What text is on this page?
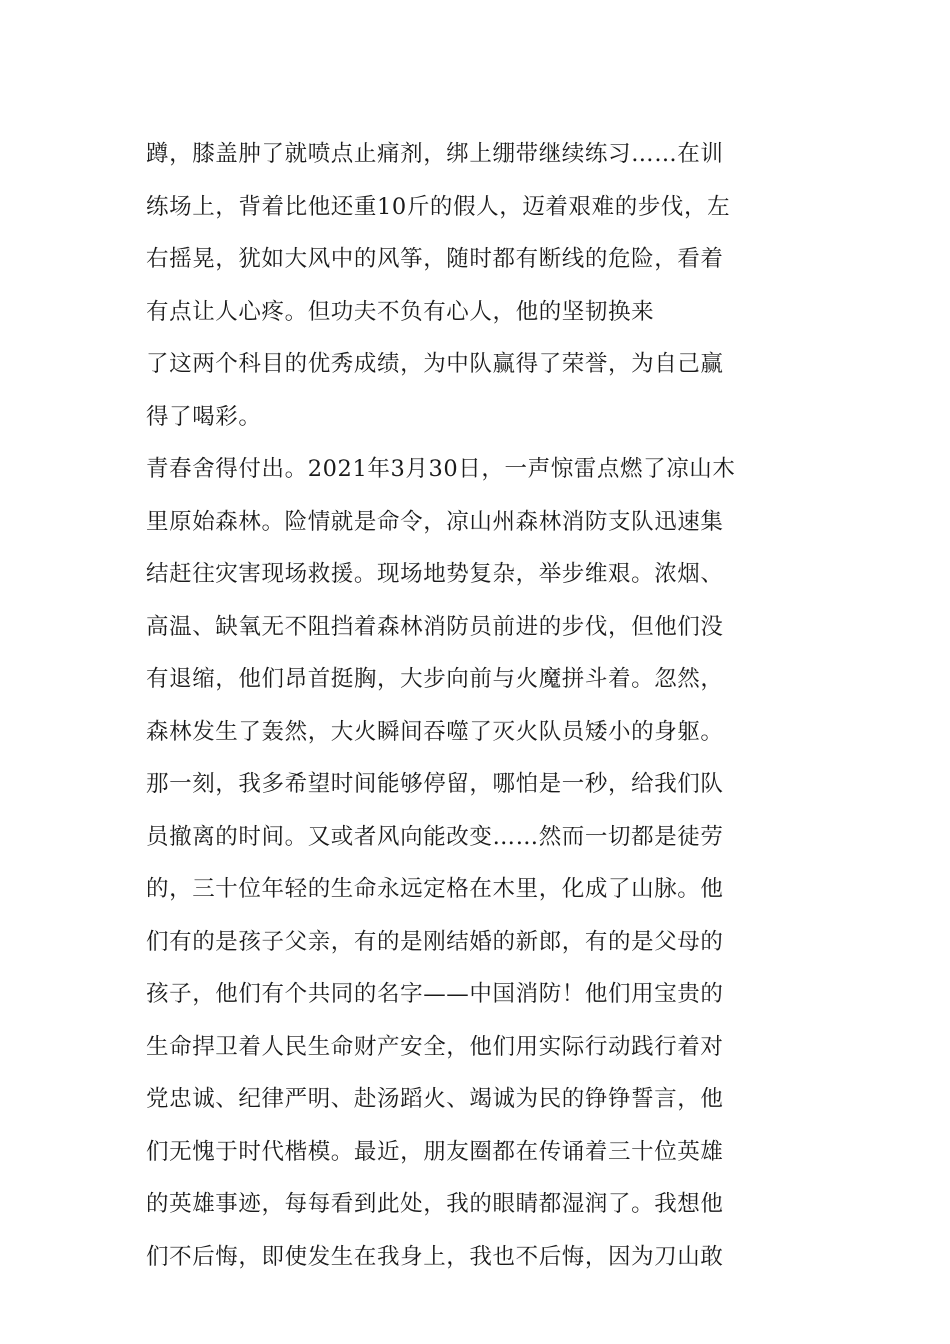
蹲，膝盖肿了就喷点止痛剂，绑上绷带继续练习……在训
练场上，背着比他还重10斤的假人，迈着艰难的步伐，左
右摇晃，犹如大风中的风筝，随时都有断线的危险，看着
有点让人心疼。但功夫不负有心人，他的坚韧换来
了这两个科目的优秀成绩，为中队赢得了荣誉，为自己赢
得了喝彩。
青春舍得付出。2021年3月30日，一声惊雷点燃了凉山木
里原始森林。险情就是命令，凉山州森林消防支队迅速集
结赶往灾害现场救援。现场地势复杂，举步维艰。浓烟、
高温、缺氧无不阻挡着森林消防员前进的步伐，但他们没
有退缩，他们昂首挺胸，大步向前与火魔拼斗着。忽然，
森林发生了轰然，大火瞬间吞噬了灭火队员矮小的身躯。
那一刻，我多希望时间能够停留，哪怕是一秒，给我们队
员撤离的时间。又或者风向能改变……然而一切都是徒劳
的，三十位年轻的生命永远定格在木里，化成了山脉。他
们有的是孩子父亲，有的是刚结婚的新郎，有的是父母的
孩子，他们有个共同的名字——中国消防！他们用宝贵的
生命捍卫着人民生命财产安全，他们用实际行动践行着对
党忠诚、纪律严明、赴汤蹈火、竭诚为民的铮铮誓言，他
们无愧于时代楷模。最近，朋友圈都在传诵着三十位英雄
的英雄事迹，每每看到此处，我的眼睛都湿润了。我想他
们不后悔，即使发生在我身上，我也不后悔，因为刀山敢
